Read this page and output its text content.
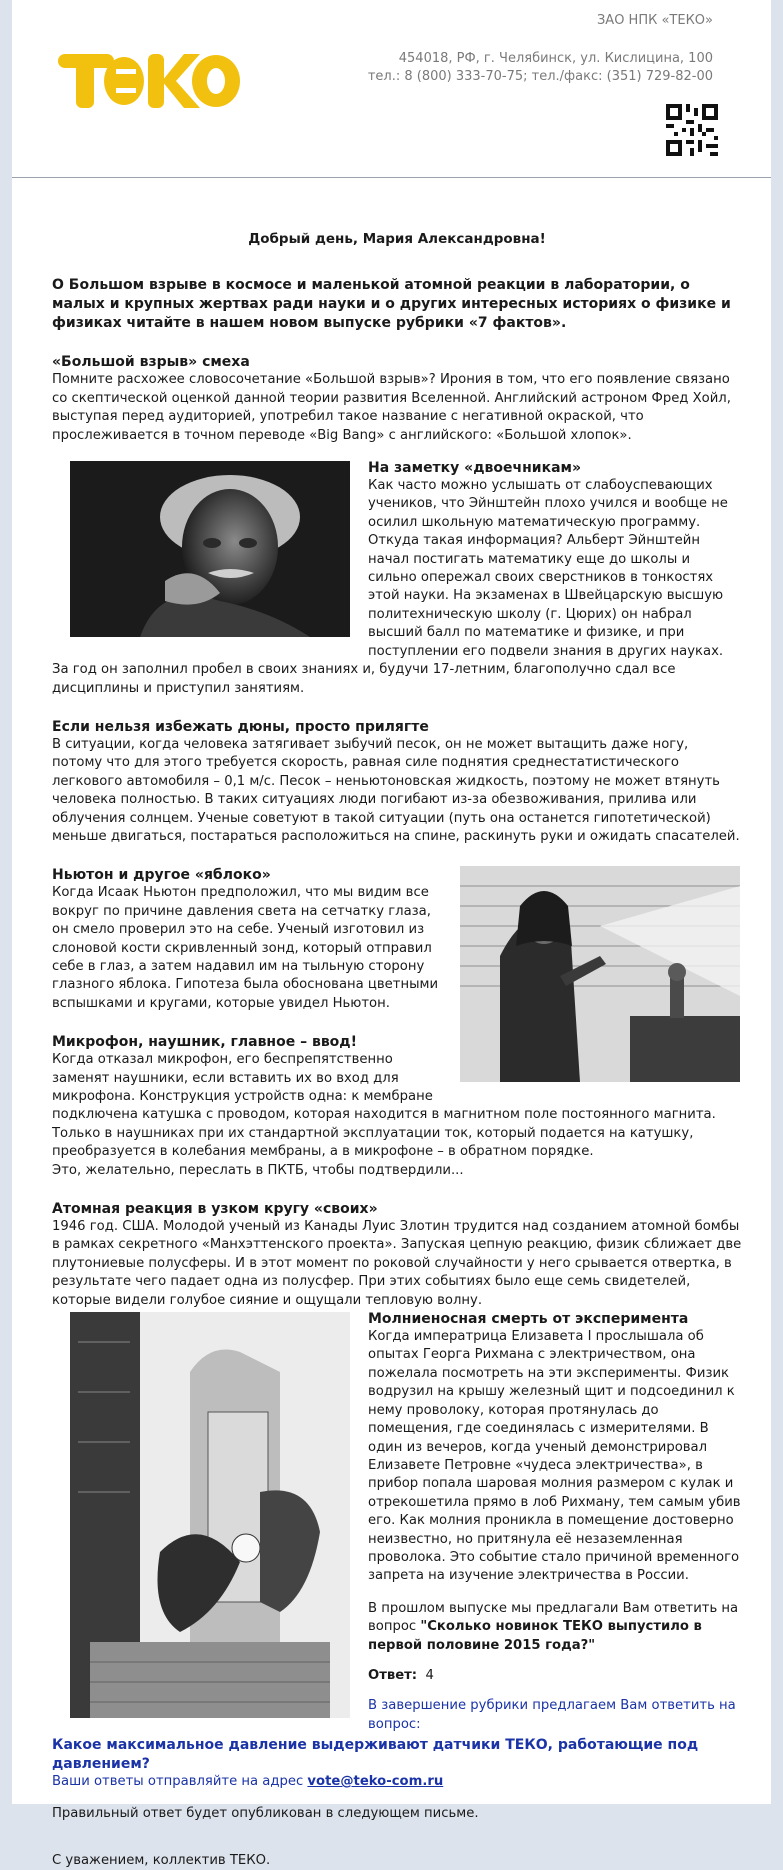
ЗАО НПК «ТЕКО»
454018, РФ, г. Челябинск, ул. Кислицина, 100
тел.: 8 (800) 333-70-75; тел./факс: (351) 729-82-00

Добрый день, Мария Александровна!

О Большом взрыве в космосе и маленькой атомной реакции в лаборатории, о малых и крупных жертвах ради науки и о других интересных историях о физике и физиках читайте в нашем новом выпуске рубрики «7 фактов».

«Большой взрыв» смеха

Помните расхожее словосочетание «Большой взрыв»? Ирония в том, что его появление связано со скептической оценкой данной теории развития Вселенной. Английский астроном Фред Хойл, выступая перед аудиторией, употребил такое название с негативной окраской, что прослеживается в точном переводе «Big Bang» с английского: «Большой хлопок».

На заметку «двоечникам»

Как часто можно услышать от слабоуспевающих учеников, что Эйнштейн плохо учился и вообще не осилил школьную математическую программу. Откуда такая информация? Альберт Эйнштейн начал постигать математику еще до школы и сильно опережал своих сверстников в тонкостях этой науки. На экзаменах в Швейцарскую высшую политехническую школу (г. Цюрих) он набрал высший балл по математике и физике, и при поступлении его подвели знания в других науках. За год он заполнил пробел в своих знаниях и, будучи 17-летним, благополучно сдал все дисциплины и приступил занятиям.

Если нельзя избежать дюны, просто прилягте

В ситуации, когда человека затягивает зыбучий песок, он не может вытащить даже ногу, потому что для этого требуется скорость, равная силе поднятия среднестатистического легкового автомобиля – 0,1 м/с. Песок – неньютоновская жидкость, поэтому не может втянуть человека полностью. В таких ситуациях люди погибают из-за обезвоживания, прилива или облучения солнцем. Ученые советуют в такой ситуации (путь она останется гипотетической) меньше двигаться, постараться расположиться на спине, раскинуть руки и ожидать спасателей.

Ньютон и другое «яблоко»

Когда Исаак Ньютон предположил, что мы видим все вокруг по причине давления света на сетчатку глаза, он смело проверил это на себе. Ученый изготовил из слоновой кости скривленный зонд, который отправил себе в глаз, а затем надавил им на тыльную сторону глазного яблока. Гипотеза была обоснована цветными вспышками и кругами, которые увидел Ньютон.

Микрофон, наушник, главное – ввод!

Когда отказал микрофон, его беспрепятственно заменят наушники, если вставить их во вход для микрофона. Конструкция устройств одна: к мембране подключена катушка с проводом, которая находится в магнитном поле постоянного магнита. Только в наушниках при их стандартной эксплуатации ток, который подается на катушку, преобразуется в колебания мембраны, а в микрофоне – в обратном порядке.

Это, желательно, переслать в ПКТБ, чтобы подтвердили...

Атомная реакция в узком кругу «своих»

1946 год. США. Молодой ученый из Канады Луис Злотин трудится над созданием атомной бомбы в рамках секретного «Манхэттенского проекта». Запуская цепную реакцию, физик сближает две плутониевые полусферы. И в этот момент по роковой случайности у него срывается отвертка, в результате чего падает одна из полусфер. При этих событиях было еще семь свидетелей, которые видели голубое сияние и ощущали тепловую волну.

Молниеносная смерть от эксперимента

Когда императрица Елизавета I прослышала об опытах Георга Рихмана с электричеством, она пожелала посмотреть на эти эксперименты. Физик водрузил на крышу железный щит и подсоединил к нему проволоку, которая протянулась до помещения, где соединялась с измерителями. В один из вечеров, когда ученый демонстрировал Елизавете Петровне «чудеса электричества», в прибор попала шаровая молния размером с кулак и отрекошетила прямо в лоб Рихману, тем самым убив его. Как молния проникла в помещение достоверно неизвестно, но притянула её незаземленная проволока. Это событие стало причиной временного запрета на изучение электричества в России.

В прошлом выпуске мы предлагали Вам ответить на вопрос "Сколько новинок ТЕКО выпустило в первой половине 2015 года?"

Ответ: 4

В завершение рубрики предлагаем Вам ответить на вопрос:

Какое максимальное давление выдерживают датчики ТЕКО, работающие под давлением?

Ваши ответы отправляйте на адрес vote@teko-com.ru

Правильный ответ будет опубликован в следующем письме.

С уважением, коллектив ТЕКО.
